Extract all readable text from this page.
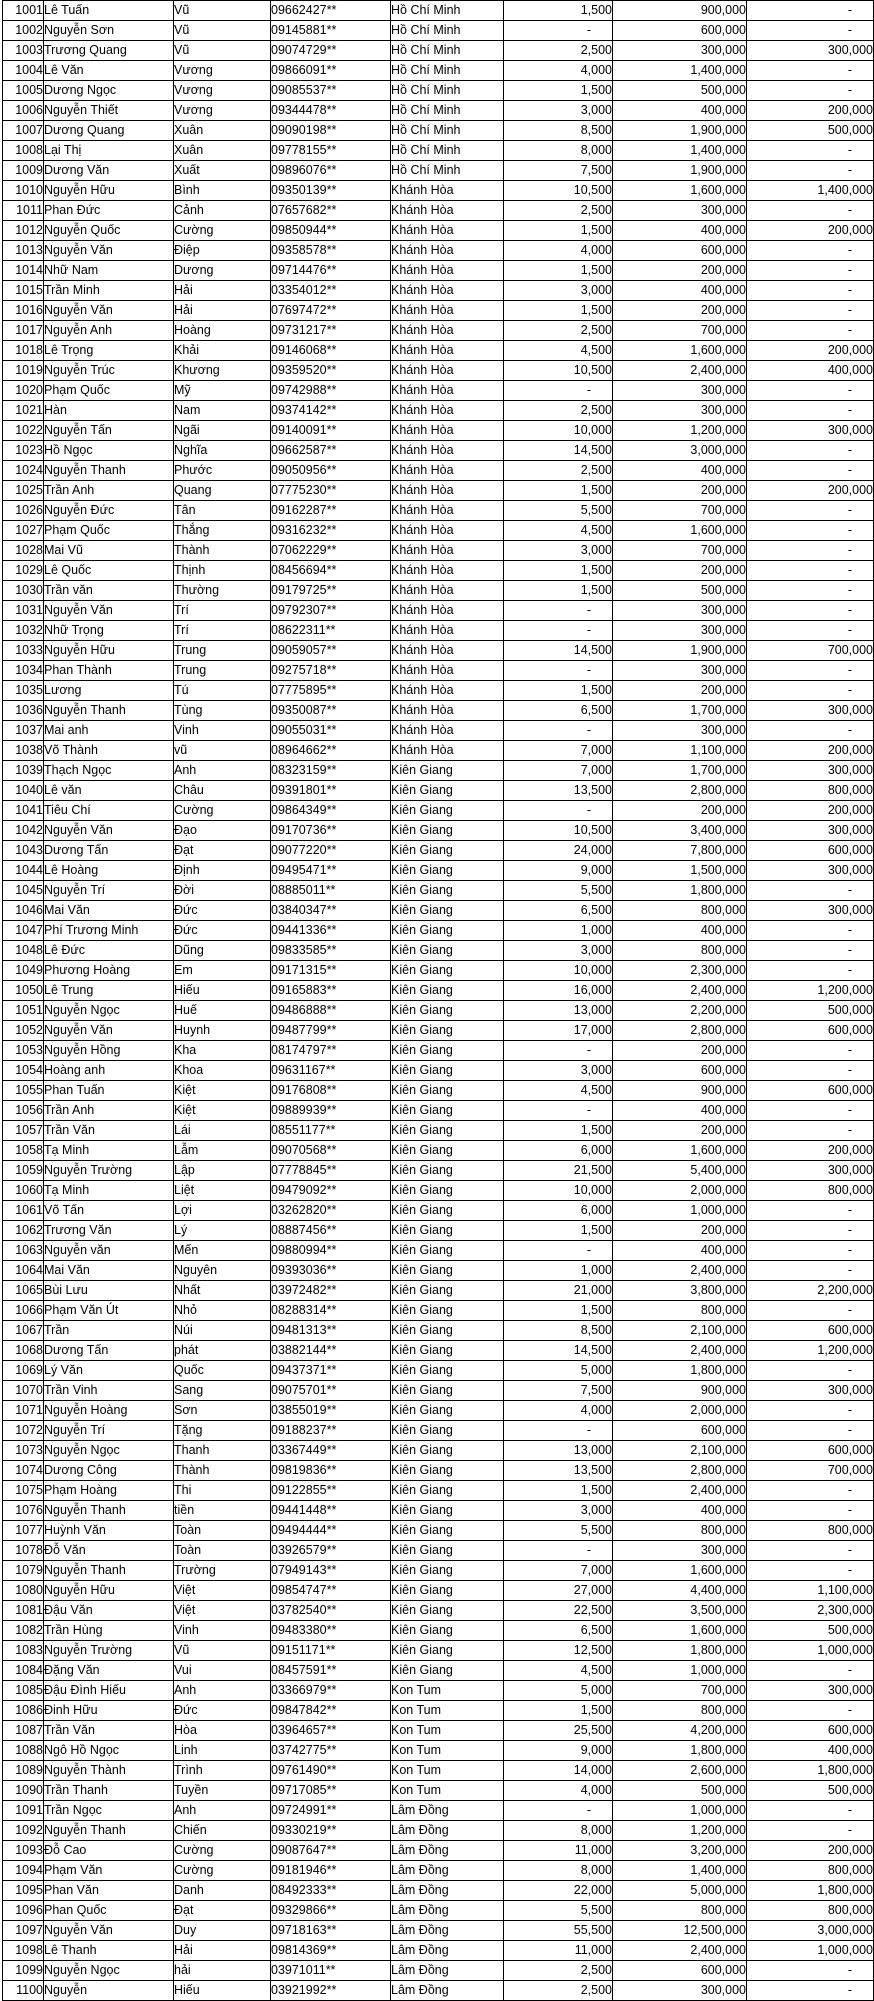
1001	Lê Tuấn	Vũ	09662427**	Hồ Chí Minh	1,500	900,000	-
1002	Nguyễn Sơn	Vũ	09145881**	Hồ Chí Minh	-	600,000	-
1003	Trương Quang	Vũ	09074729**	Hồ Chí Minh	2,500	300,000	300,000
1004	Lê Văn	Vương	09866091**	Hồ Chí Minh	4,000	1,400,000	-
1005	Dương Ngọc	Vương	09085537**	Hồ Chí Minh	1,500	500,000	-
1006	Nguyễn Thiết	Vương	09344478**	Hồ Chí Minh	3,000	400,000	200,000
1007	Dương Quang	Xuân	09090198**	Hồ Chí Minh	8,500	1,900,000	500,000
1008	Lại Thị	Xuân	09778155**	Hồ Chí Minh	8,000	1,400,000	-
1009	Dương Văn	Xuất	09896076**	Hồ Chí Minh	7,500	1,900,000	-
1010	Nguyễn Hữu	Bình	09350139**	Khánh Hòa	10,500	1,600,000	1,400,000
1011	Phan Đức	Cảnh	07657682**	Khánh Hòa	2,500	300,000	-
1012	Nguyễn Quốc	Cường	09850944**	Khánh Hòa	1,500	400,000	200,000
1013	Nguyễn Văn	Điệp	09358578**	Khánh Hòa	4,000	600,000	-
1014	Nhữ Nam	Dương	09714476**	Khánh Hòa	1,500	200,000	-
1015	Trần Minh	Hải	03354012**	Khánh Hòa	3,000	400,000	-
1016	Nguyễn Văn	Hải	07697472**	Khánh Hòa	1,500	200,000	-
1017	Nguyễn Anh	Hoàng	09731217**	Khánh Hòa	2,500	700,000	-
1018	Lê Trọng	Khải	09146068**	Khánh Hòa	4,500	1,600,000	200,000
1019	Nguyễn Trúc	Khương	09359520**	Khánh Hòa	10,500	2,400,000	400,000
1020	Phạm Quốc	Mỹ	09742988**	Khánh Hòa	-	300,000	-
1021	Hàn	Nam	09374142**	Khánh Hòa	2,500	300,000	-
1022	Nguyễn Tấn	Ngãi	09140091**	Khánh Hòa	10,000	1,200,000	300,000
1023	Hồ Ngọc	Nghĩa	09662587**	Khánh Hòa	14,500	3,000,000	-
1024	Nguyễn Thanh	Phước	09050956**	Khánh Hòa	2,500	400,000	-
1025	Trần Anh	Quang	07775230**	Khánh Hòa	1,500	200,000	200,000
1026	Nguyễn Đức	Tân	09162287**	Khánh Hòa	5,500	700,000	-
1027	Phạm Quốc	Thắng	09316232**	Khánh Hòa	4,500	1,600,000	-
1028	Mai Vũ	Thành	07062229**	Khánh Hòa	3,000	700,000	-
1029	Lê Quốc	Thịnh	08456694**	Khánh Hòa	1,500	200,000	-
1030	Trần văn	Thường	09179725**	Khánh Hòa	1,500	500,000	-
1031	Nguyễn Văn	Trí	09792307**	Khánh Hòa	-	300,000	-
1032	Nhữ Trọng	Trí	08622311**	Khánh Hòa	-	300,000	-
1033	Nguyễn Hữu	Trung	09059057**	Khánh Hòa	14,500	1,900,000	700,000
1034	Phan Thành	Trung	09275718**	Khánh Hòa	-	300,000	-
1035	Lương	Tú	07775895**	Khánh Hòa	1,500	200,000	-
1036	Nguyễn Thanh	Tùng	09350087**	Khánh Hòa	6,500	1,700,000	300,000
1037	Mai anh	Vinh	09055031**	Khánh Hòa	-	300,000	-
1038	Võ Thành	vũ	08964662**	Khánh Hòa	7,000	1,100,000	200,000
1039	Thạch Ngọc	Anh	08323159**	Kiên Giang	7,000	1,700,000	300,000
1040	Lê văn	Châu	09391801**	Kiên Giang	13,500	2,800,000	800,000
1041	Tiêu Chí	Cường	09864349**	Kiên Giang	-	200,000	200,000
1042	Nguyễn Văn	Đạo	09170736**	Kiên Giang	10,500	3,400,000	300,000
1043	Dương Tấn	Đạt	09077220**	Kiên Giang	24,000	7,800,000	600,000
1044	Lê Hoàng	Định	09495471**	Kiên Giang	9,000	1,500,000	300,000
1045	Nguyễn Trí	Đời	08885011**	Kiên Giang	5,500	1,800,000	-
1046	Mai Văn	Đức	03840347**	Kiên Giang	6,500	800,000	300,000
1047	Phí Trương Minh	Đức	09441336**	Kiên Giang	1,000	400,000	-
1048	Lê Đức	Dũng	09833585**	Kiên Giang	3,000	800,000	-
1049	Phương Hoàng	Em	09171315**	Kiên Giang	10,000	2,300,000	-
1050	Lê Trung	Hiếu	09165883**	Kiên Giang	16,000	2,400,000	1,200,000
1051	Nguyễn Ngọc	Huế	09486888**	Kiên Giang	13,000	2,200,000	500,000
1052	Nguyễn Văn	Huynh	09487799**	Kiên Giang	17,000	2,800,000	600,000
1053	Nguyễn Hồng	Kha	08174797**	Kiên Giang	-	200,000	-
1054	Hoàng anh	Khoa	09631167**	Kiên Giang	3,000	600,000	-
1055	Phan Tuấn	Kiệt	09176808**	Kiên Giang	4,500	900,000	600,000
1056	Trần Anh	Kiệt	09889939**	Kiên Giang	-	400,000	-
1057	Trần Văn	Lái	08551177**	Kiên Giang	1,500	200,000	-
1058	Tạ Minh	Lẫm	09070568**	Kiên Giang	6,000	1,600,000	200,000
1059	Nguyễn Trường	Lập	07778845**	Kiên Giang	21,500	5,400,000	300,000
1060	Tạ Minh	Liệt	09479092**	Kiên Giang	10,000	2,000,000	800,000
1061	Võ Tấn	Lợi	03262820**	Kiên Giang	6,000	1,000,000	-
1062	Trương Văn	Lý	08887456**	Kiên Giang	1,500	200,000	-
1063	Nguyễn văn	Mến	09880994**	Kiên Giang	-	400,000	-
1064	Mai Văn	Nguyên	09393036**	Kiên Giang	1,000	2,400,000	-
1065	Bùi Lưu	Nhất	03972482**	Kiên Giang	21,000	3,800,000	2,200,000
1066	Phạm Văn Út	Nhỏ	08288314**	Kiên Giang	1,500	800,000	-
1067	Trần	Núi	09481313**	Kiên Giang	8,500	2,100,000	600,000
1068	Dương Tấn	phát	03882144**	Kiên Giang	14,500	2,400,000	1,200,000
1069	Lý Văn	Quốc	09437371**	Kiên Giang	5,000	1,800,000	-
1070	Trần Vinh	Sang	09075701**	Kiên Giang	7,500	900,000	300,000
1071	Nguyễn Hoàng	Sơn	03855019**	Kiên Giang	4,000	2,000,000	-
1072	Nguyễn Trí	Tặng	09188237**	Kiên Giang	-	600,000	-
1073	Nguyễn Ngọc	Thanh	03367449**	Kiên Giang	13,000	2,100,000	600,000
1074	Dương Công	Thành	09819836**	Kiên Giang	13,500	2,800,000	700,000
1075	Phạm Hoàng	Thi	09122855**	Kiên Giang	1,500	2,400,000	-
1076	Nguyễn Thanh	tiền	09441448**	Kiên Giang	3,000	400,000	-
1077	Huỳnh Văn	Toàn	09494444**	Kiên Giang	5,500	800,000	800,000
1078	Đỗ Văn	Toàn	03926579**	Kiên Giang	-	300,000	-
1079	Nguyễn Thanh	Trường	07949143**	Kiên Giang	7,000	1,600,000	-
1080	Nguyễn Hữu	Việt	09854747**	Kiên Giang	27,000	4,400,000	1,100,000
1081	Đậu Văn	Việt	03782540**	Kiên Giang	22,500	3,500,000	2,300,000
1082	Trần Hùng	Vinh	09483380**	Kiên Giang	6,500	1,600,000	500,000
1083	Nguyễn Trường	Vũ	09151171**	Kiên Giang	12,500	1,800,000	1,000,000
1084	Đặng Văn	Vui	08457591**	Kiên Giang	4,500	1,000,000	-
1085	Đậu Đình Hiếu	Anh	03366979**	Kon Tum	5,000	700,000	300,000
1086	Đinh Hữu	Đức	09847842**	Kon Tum	1,500	800,000	-
1087	Trần Văn	Hòa	03964657**	Kon Tum	25,500	4,200,000	600,000
1088	Ngô Hồ Ngọc	Linh	03742775**	Kon Tum	9,000	1,800,000	400,000
1089	Nguyễn Thành	Trình	09761490**	Kon Tum	14,000	2,600,000	1,800,000
1090	Trần Thanh	Tuyền	09717085**	Kon Tum	4,000	500,000	500,000
1091	Trần Ngọc	Anh	09724991**	Lâm Đồng	-	1,000,000	-
1092	Nguyễn Thanh	Chiến	09330219**	Lâm Đồng	8,000	1,200,000	-
1093	Đỗ Cao	Cường	09087647**	Lâm Đồng	11,000	3,200,000	200,000
1094	Phạm Văn	Cường	09181946**	Lâm Đồng	8,000	1,400,000	800,000
1095	Phan Văn	Danh	08492333**	Lâm Đồng	22,000	5,000,000	1,800,000
1096	Phan Quốc	Đạt	09329866**	Lâm Đồng	5,500	800,000	800,000
1097	Nguyễn Văn	Duy	09718163**	Lâm Đồng	55,500	12,500,000	3,000,000
1098	Lê Thanh	Hải	09814369**	Lâm Đồng	11,000	2,400,000	1,000,000
1099	Nguyễn Ngọc	hải	03971011**	Lâm Đồng	2,500	600,000	-
1100	Nguyễn	Hiếu	03921992**	Lâm Đồng	2,500	300,000	-
